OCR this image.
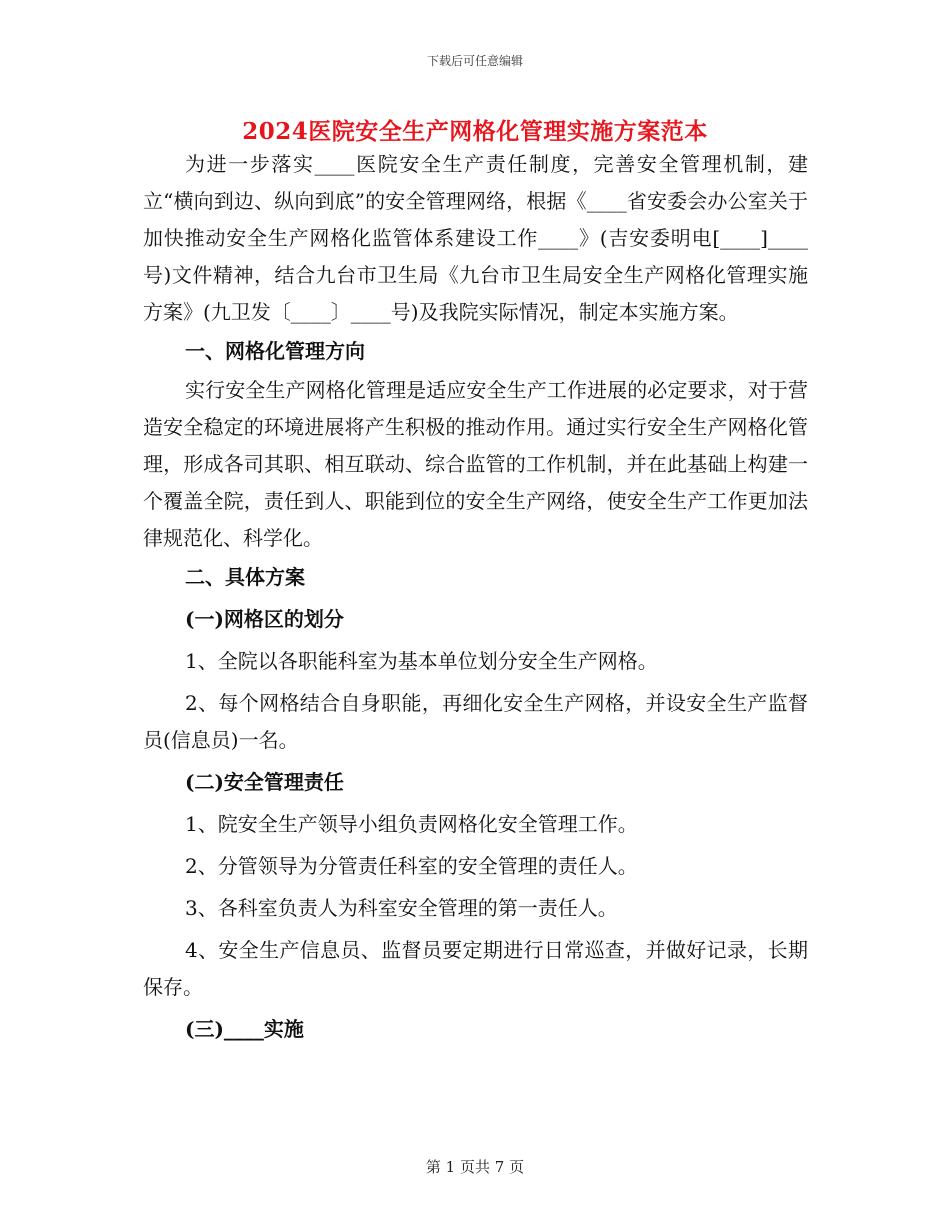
下载后可任意编辑
2024医院安全生产网格化管理实施方案范本

为进一步落实____医院安全生产责任制度，完善安全管理机制，建立“横向到边、纵向到底”的安全管理网络，根据《____省安委会办公室关于加快推动安全生产网格化监管体系建设工作____》(吉安委明电[____]____号)文件精神，结合九台市卫生局《九台市卫生局安全生产网格化管理实施方案》(九卫发〔____〕____号)及我院实际情况，制定本实施方案。

一、网格化管理方向

实行安全生产网格化管理是适应安全生产工作进展的必定要求，对于营造安全稳定的环境进展将产生积极的推动作用。通过实行安全生产网格化管理，形成各司其职、相互联动、综合监管的工作机制，并在此基础上构建一个覆盖全院，责任到人、职能到位的安全生产网络，使安全生产工作更加法律规范化、科学化。

二、具体方案

(一)网格区的划分

1、全院以各职能科室为基本单位划分安全生产网格。

2、每个网格结合自身职能，再细化安全生产网格，并设安全生产监督员(信息员)一名。

(二)安全管理责任

1、院安全生产领导小组负责网格化安全管理工作。

2、分管领导为分管责任科室的安全管理的责任人。

3、各科室负责人为科室安全管理的第一责任人。

4、安全生产信息员、监督员要定期进行日常巡查，并做好记录，长期保存。

(三)____实施

第 1 页共 7 页
